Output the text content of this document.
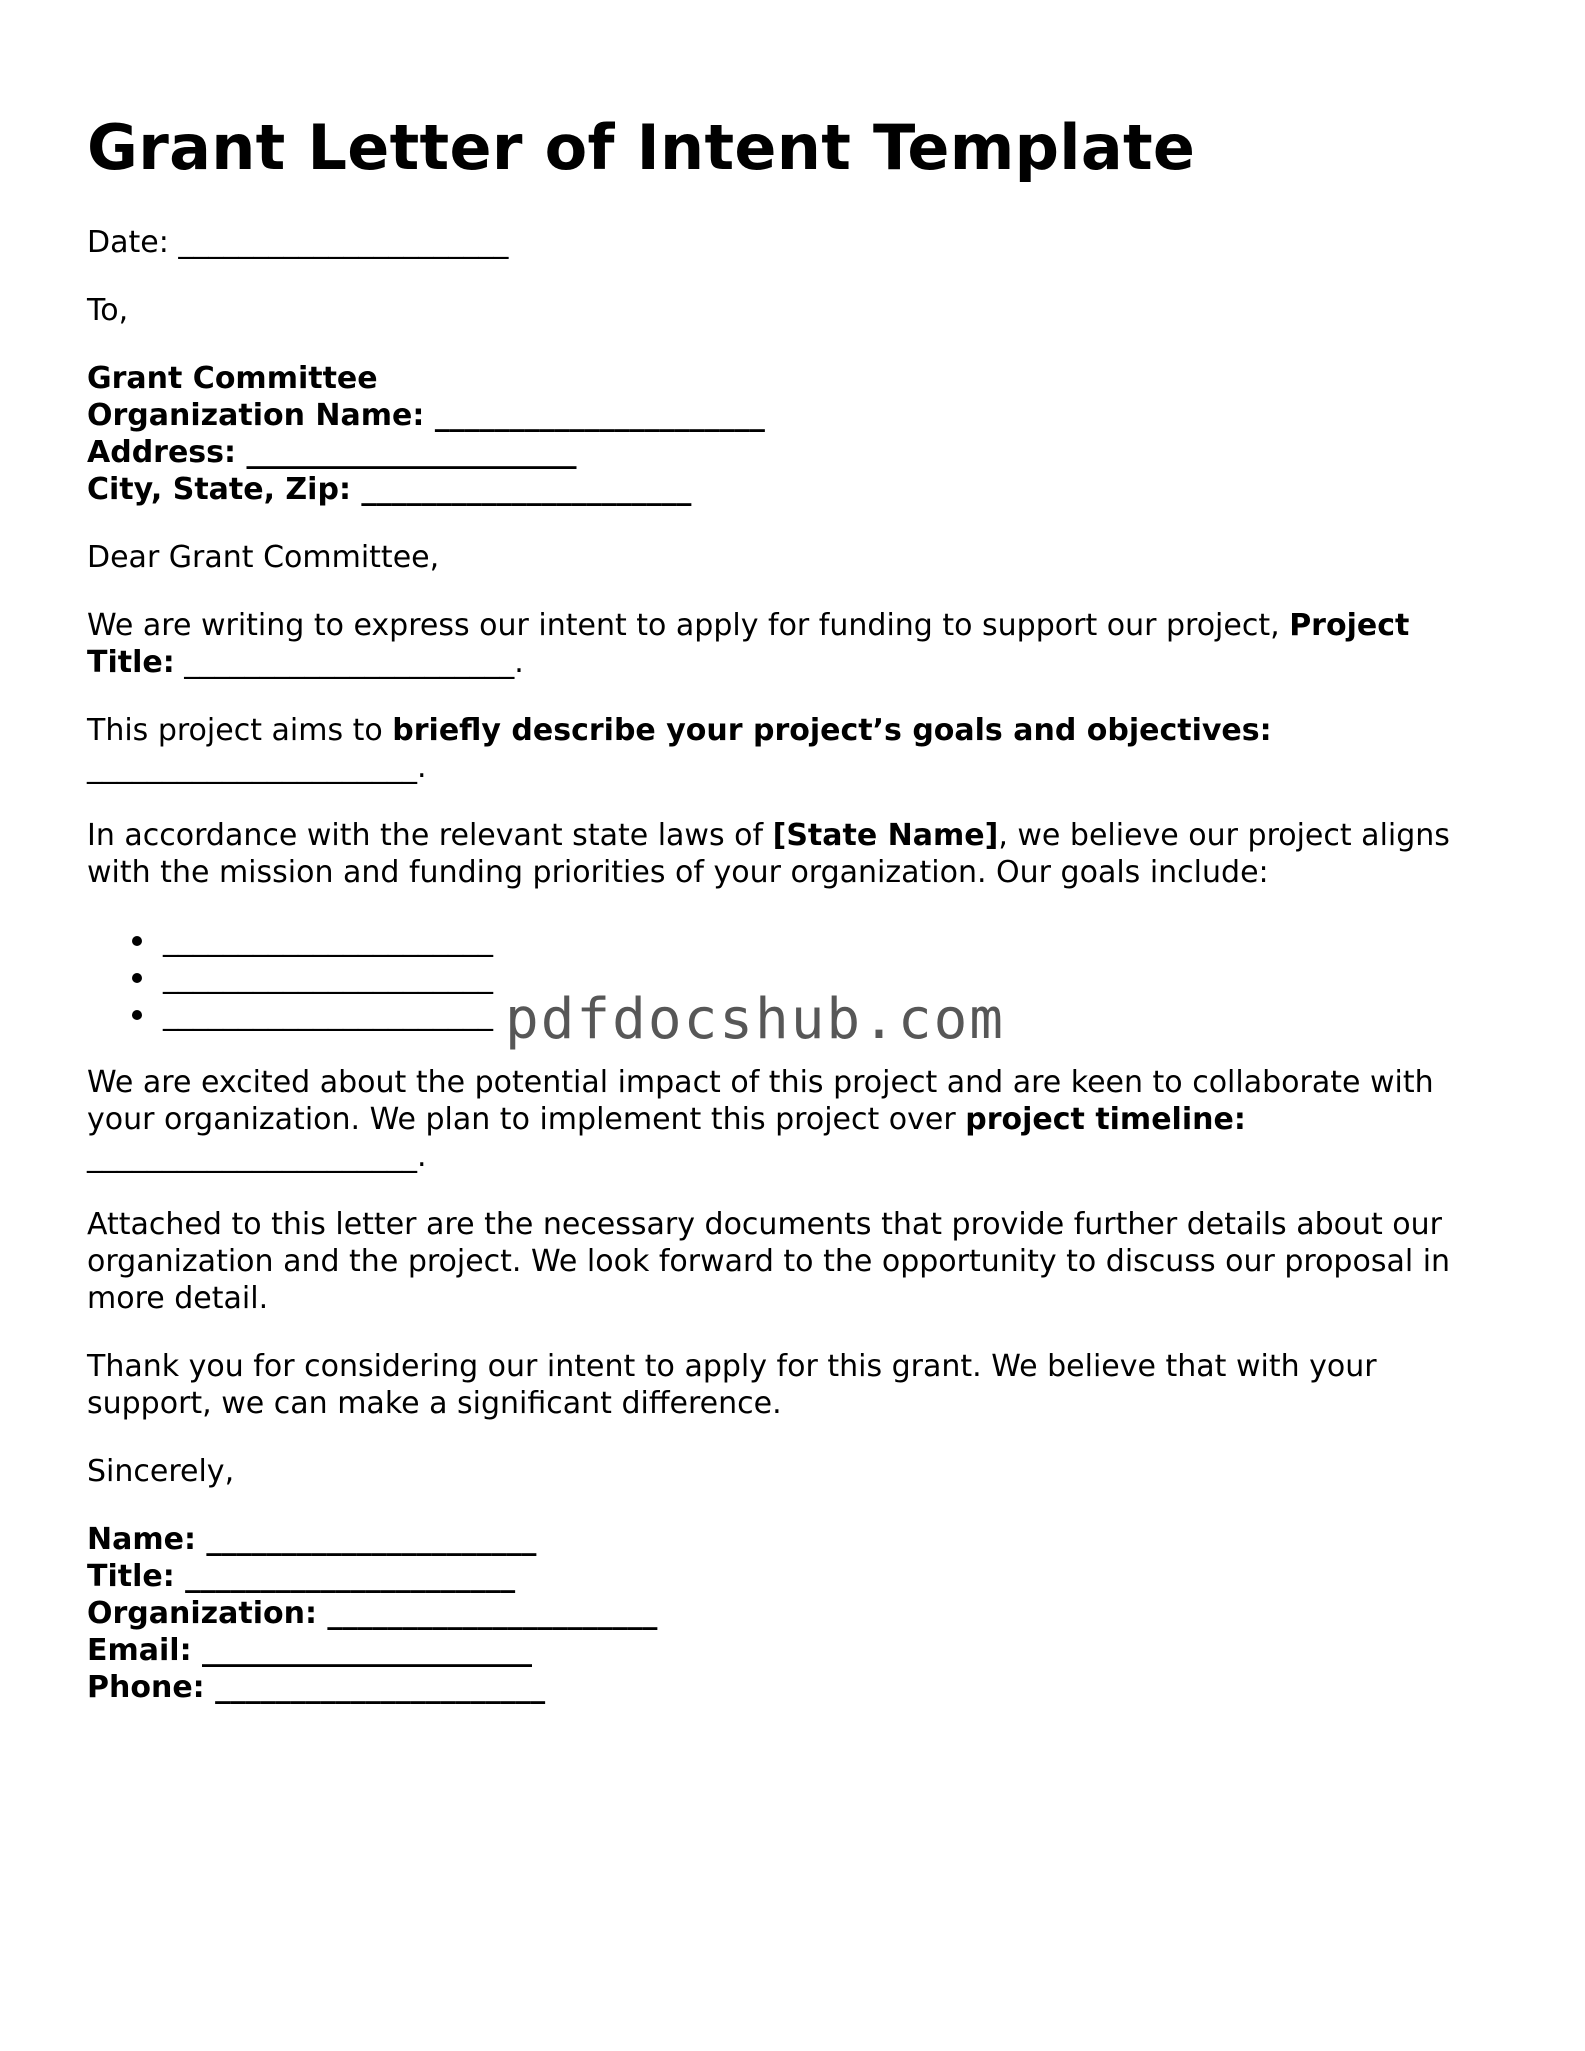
Grant Letter of Intent Template

Date: ______________________

To,

Grant Committee
Organization Name: ______________________
Address: ______________________
City, State, Zip: ______________________

Dear Grant Committee,

We are writing to express our intent to apply for funding to support our project, Project Title: ______________________.

This project aims to briefly describe your project’s goals and objectives: ______________________.

In accordance with the relevant state laws of [State Name], we believe our project aligns with the mission and funding priorities of your organization. Our goals include:

______________________
______________________
______________________

We are excited about the potential impact of this project and are keen to collaborate with your organization. We plan to implement this project over project timeline: ______________________.

Attached to this letter are the necessary documents that provide further details about our organization and the project. We look forward to the opportunity to discuss our proposal in more detail.

Thank you for considering our intent to apply for this grant. We believe that with your support, we can make a significant difference.

Sincerely,

Name: ______________________
Title: ______________________
Organization: ______________________
Email: ______________________
Phone: ______________________
pdfdocshub.com
